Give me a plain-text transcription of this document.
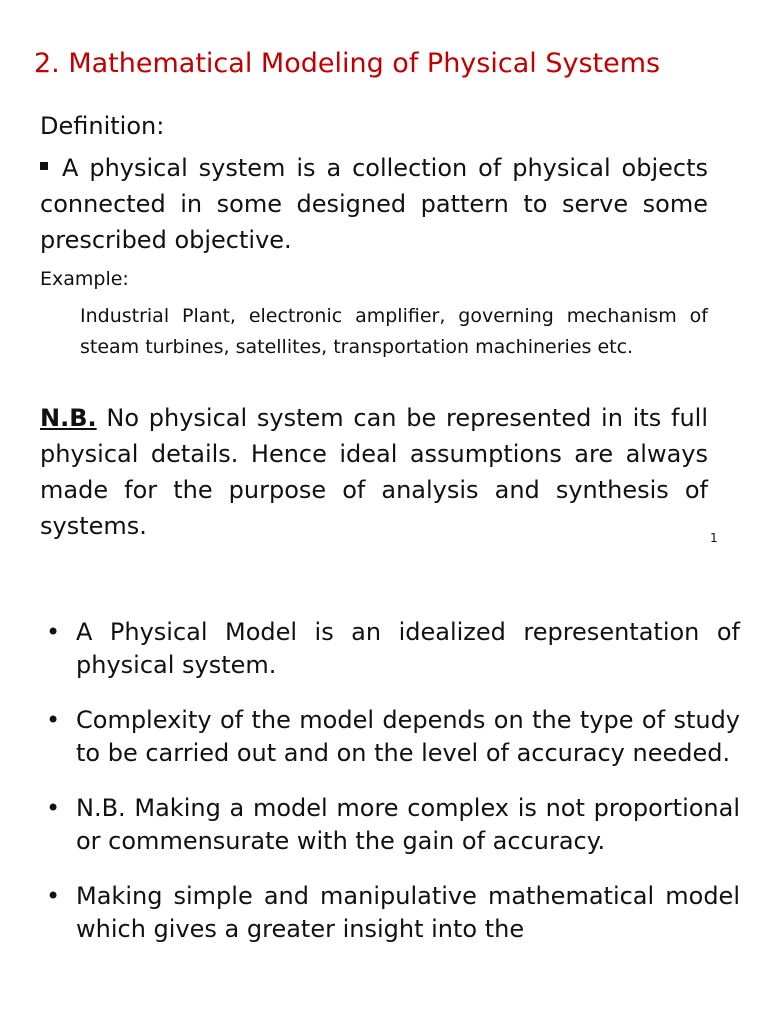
2. Mathematical Modeling of Physical Systems
Definition:

A physical system is a collection of physical objects connected in some designed pattern to serve some prescribed objective.

Example:

Industrial Plant, electronic amplifier, governing mechanism of steam turbines, satellites, transportation machineries etc.

N.B. No physical system can be represented in its full physical details. Hence ideal assumptions are always made for the purpose of analysis and synthesis of systems.	1
• A Physical Model is an idealized representation of physical system.
• Complexity of the model depends on the type of study to be carried out and on the level of accuracy needed.
• N.B. Making a model more complex is not proportional or commensurate with the gain of accuracy.
• Making simple and manipulative mathematical model which gives a greater insight into the
